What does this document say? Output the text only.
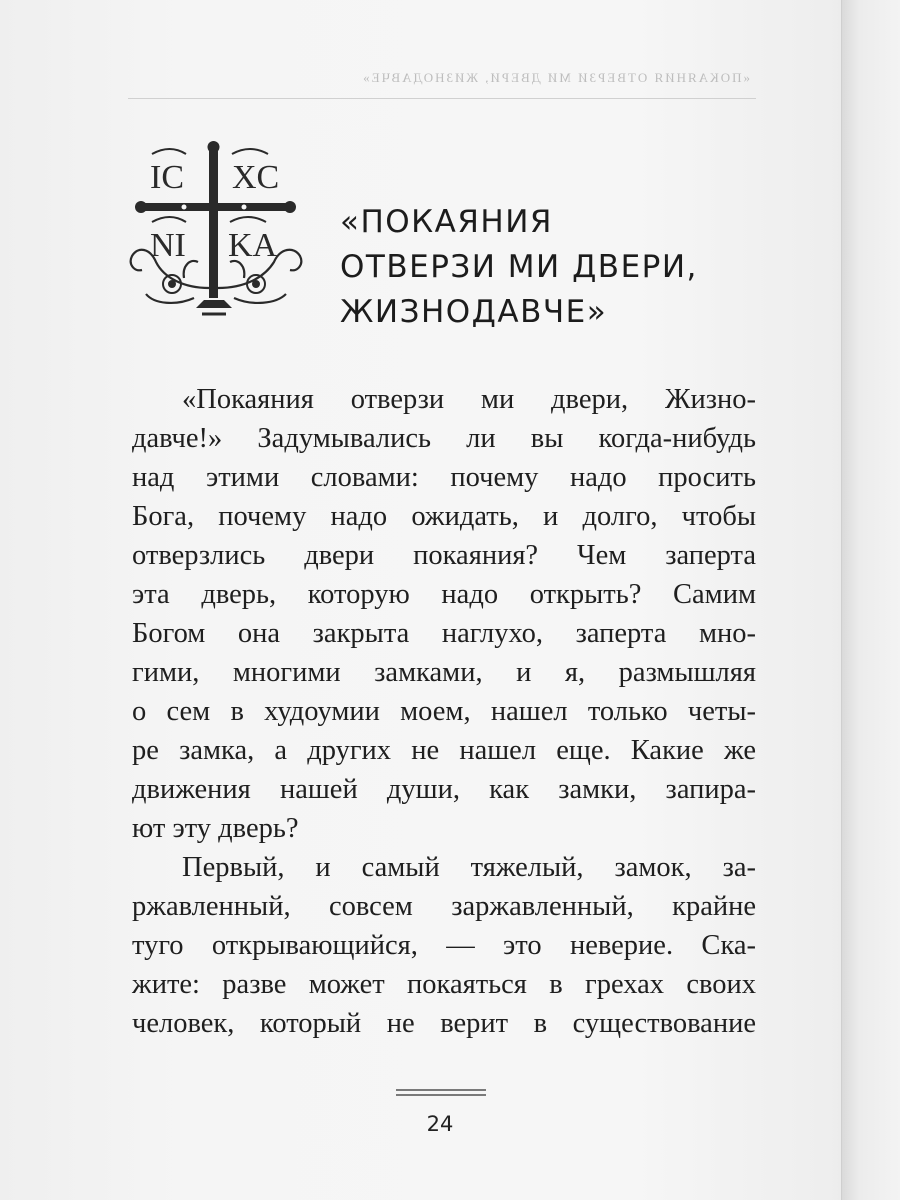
«ПОКАЯНИЯ ОТВЕРЗИ МИ ДВЕРИ, ЖИЗНОДАВЧЕ»
IC XC
NI KA
«ПОКАЯНИЯ
ОТВЕРЗИ МИ ДВЕРИ,
ЖИЗНОДАВЧЕ»
«Покаяния отверзи ми двери, Жизно-
давче!» Задумывались ли вы когда-нибудь
над этими словами: почему надо просить
Бога, почему надо ожидать, и долго, чтобы
отверзлись двери покаяния? Чем заперта
эта дверь, которую надо открыть? Самим
Богом она закрыта наглухо, заперта мно-
гими, многими замками, и я, размышляя
о сем в худоумии моем, нашел только четы-
ре замка, а других не нашел еще. Какие же
движения нашей души, как замки, запира-
ют эту дверь?
Первый, и самый тяжелый, замок, за-
ржавленный, совсем заржавленный, крайне
туго открывающийся, — это неверие. Ска-
жите: разве может покаяться в грехах своих
человек, который не верит в существование
24
